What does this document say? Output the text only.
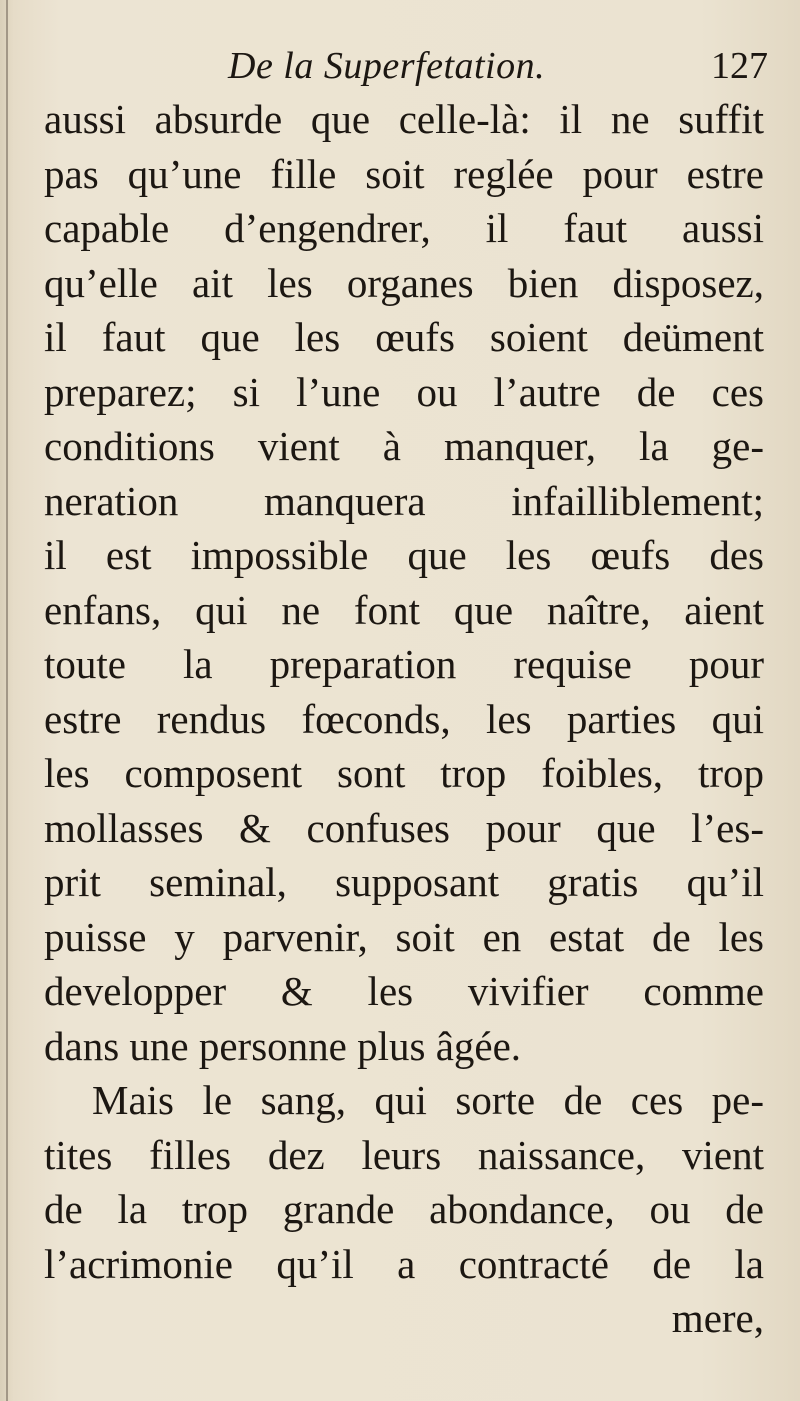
De la Superfetation.	127
aussi absurde que celle-là: il ne suffit
pas qu’une fille soit reglée pour estre
capable d’engendrer, il faut aussi
qu’elle ait les organes bien disposez,
il faut que les œufs soient deüment
preparez; si l’une ou l’autre de ces
conditions vient à manquer, la ge-
neration manquera infailliblement;
il est impossible que les œufs des
enfans, qui ne font que naître, aient
toute la preparation requise pour
estre rendus fœconds, les parties qui
les composent sont trop foibles, trop
mollasses & confuses pour que l’es-
prit seminal, supposant gratis qu’il
puisse y parvenir, soit en estat de les
developper & les vivifier comme
dans une personne plus âgée.
Mais le sang, qui sorte de ces pe-
tites filles dez leurs naissance, vient
de la trop grande abondance, ou de
l’acrimonie qu’il a contracté de la
mere,
